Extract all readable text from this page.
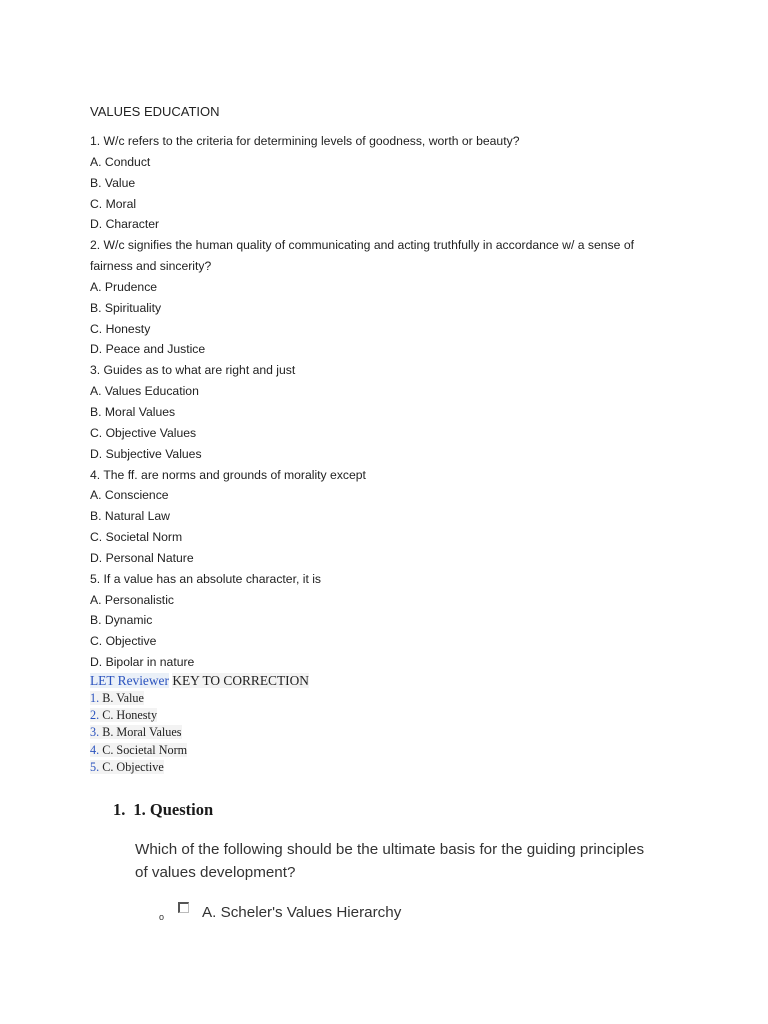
VALUES EDUCATION
1. W/c refers to the criteria for determining levels of goodness, worth or beauty?
A. Conduct
B. Value
C. Moral
D. Character
2. W/c signifies the human quality of communicating and acting truthfully in accordance w/ a sense of fairness and sincerity?
A. Prudence
B. Spirituality
C. Honesty
D. Peace and Justice
3. Guides as to what are right and just
A. Values Education
B. Moral Values
C. Objective Values
D. Subjective Values
4. The ff. are norms and grounds of morality except
A. Conscience
B. Natural Law
C. Societal Norm
D. Personal Nature
5. If a value has an absolute character, it is
A. Personalistic
B. Dynamic
C. Objective
D. Bipolar in nature
LET Reviewer KEY TO CORRECTION
1. B. Value
2. C. Honesty
3. B. Moral Values
4. C. Societal Norm
5. C. Objective
1. 1. Question
Which of the following should be the ultimate basis for the guiding principles of values development?
o	A. Scheler's Values Hierarchy
